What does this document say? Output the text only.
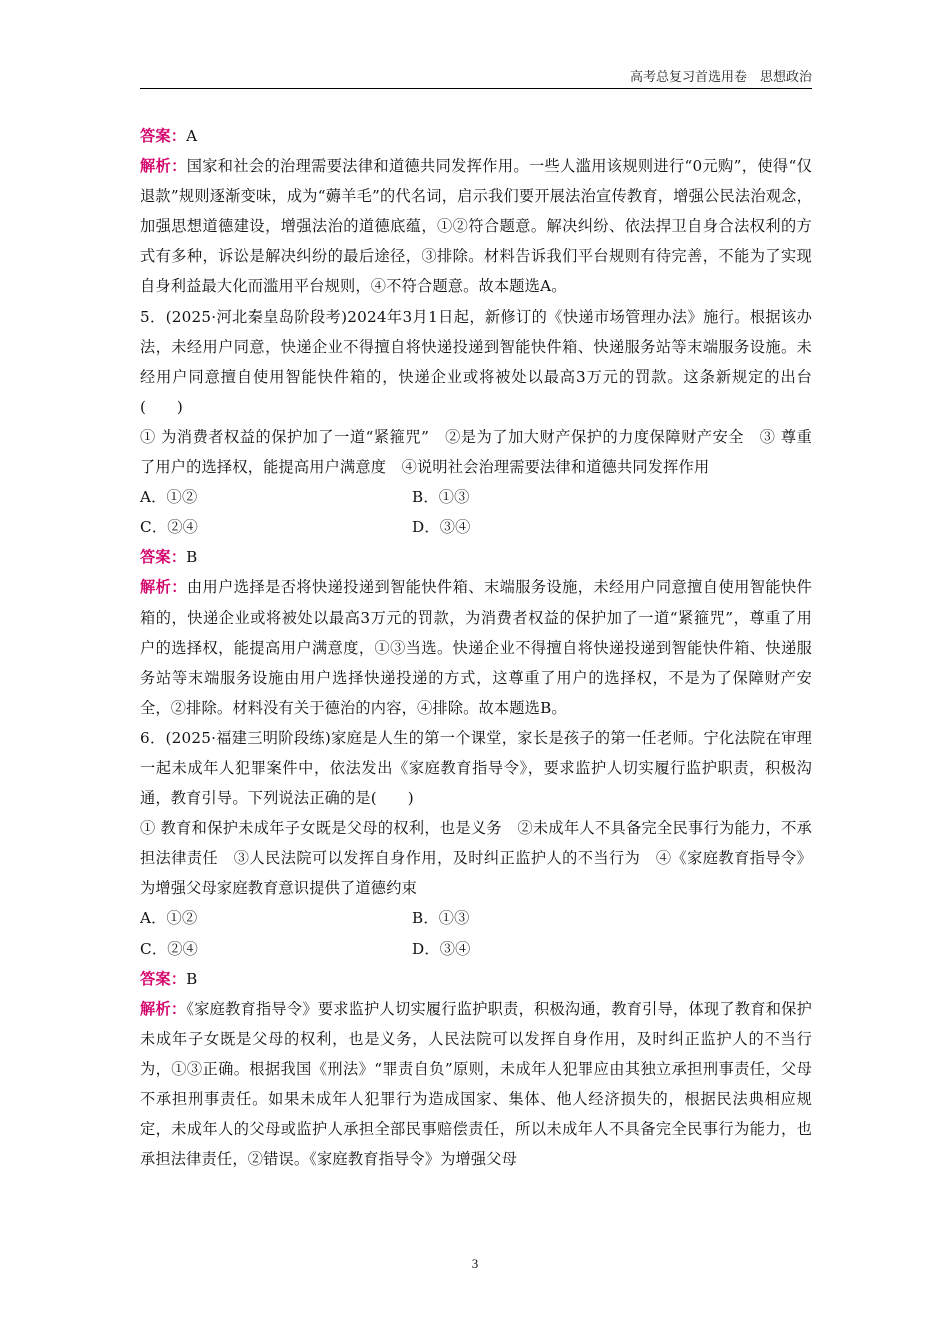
高考总复习首选用卷　思想政治

答案：A

解析：国家和社会的治理需要法律和道德共同发挥作用。一些人滥用该规则进行“0元购”，使得“仅退款”规则逐渐变味，成为“薅羊毛”的代名词，启示我们要开展法治宣传教育，增强公民法治观念，加强思想道德建设，增强法治的道德底蕴，①②符合题意。解决纠纷、依法捍卫自身合法权利的方式有多种，诉讼是解决纠纷的最后途径，③排除。材料告诉我们平台规则有待完善，不能为了实现自身利益最大化而滥用平台规则，④不符合题意。故本题选A。

5．(2025·河北秦皇岛阶段考)2024年3月1日起，新修订的《快递市场管理办法》施行。根据该办法，未经用户同意，快递企业不得擅自将快递投递到智能快件箱、快递服务站等末端服务设施。未经用户同意擅自使用智能快件箱的，快递企业或将被处以最高3万元的罚款。这条新规定的出台(　　)

① 为消费者权益的保护加了一道“紧箍咒”　②是为了加大财产保护的力度保障财产安全　③ 尊重了用户的选择权，能提高用户满意度　④说明社会治理需要法律和道德共同发挥作用

A．①②	B．①③
C．②④	D．③④

答案：B

解析：由用户选择是否将快递投递到智能快件箱、末端服务设施，未经用户同意擅自使用智能快件箱的，快递企业或将被处以最高3万元的罚款，为消费者权益的保护加了一道“紧箍咒”，尊重了用户的选择权，能提高用户满意度，①③当选。快递企业不得擅自将快递投递到智能快件箱、快递服务站等末端服务设施由用户选择快递投递的方式，这尊重了用户的选择权，不是为了保障财产安全，②排除。材料没有关于德治的内容，④排除。故本题选B。

6．(2025·福建三明阶段练)家庭是人生的第一个课堂，家长是孩子的第一任老师。宁化法院在审理一起未成年人犯罪案件中，依法发出《家庭教育指导令》，要求监护人切实履行监护职责，积极沟通，教育引导。下列说法正确的是(　　)

① 教育和保护未成年子女既是父母的权利，也是义务　②未成年人不具备完全民事行为能力，不承担法律责任　③人民法院可以发挥自身作用，及时纠正监护人的不当行为　④《家庭教育指导令》为增强父母家庭教育意识提供了道德约束

A．①②	B．①③
C．②④	D．③④

答案：B

解析：《家庭教育指导令》要求监护人切实履行监护职责，积极沟通，教育引导，体现了教育和保护未成年子女既是父母的权利，也是义务，人民法院可以发挥自身作用，及时纠正监护人的不当行为，①③正确。根据我国《刑法》“罪责自负”原则，未成年人犯罪应由其独立承担刑事责任，父母不承担刑事责任。如果未成年人犯罪行为造成国家、集体、他人经济损失的，根据民法典相应规定，未成年人的父母或监护人承担全部民事赔偿责任，所以未成年人不具备完全民事行为能力，也承担法律责任，②错误。《家庭教育指导令》为增强父母

3
